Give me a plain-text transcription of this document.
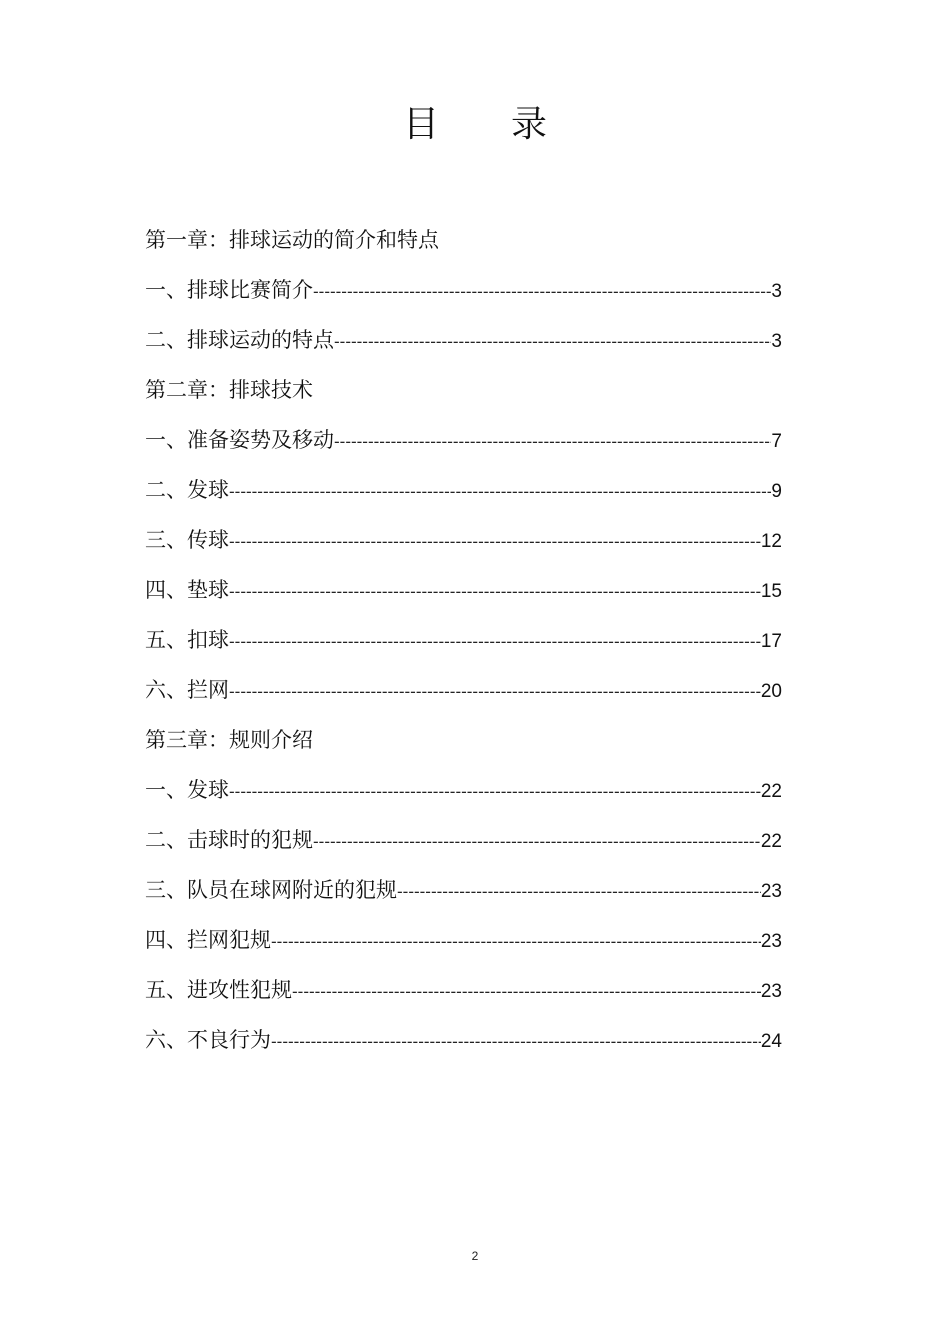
目 录
第一章：排球运动的简介和特点
一、排球比赛简介 -----	3
二、排球运动的特点 -----	3
第二章：排球技术
一、准备姿势及移动 -----	7
二、发球 -----	9
三、传球 -----	12
四、垫球 -----	15
五、扣球 -----	17
六、拦网 -----	20
第三章：规则介绍
一、发球 -----	22
二、击球时的犯规 -----	22
三、队员在球网附近的犯规 -----	23
四、拦网犯规 -----	23
五、进攻性犯规 -----	23
六、不良行为 -----	24
2
